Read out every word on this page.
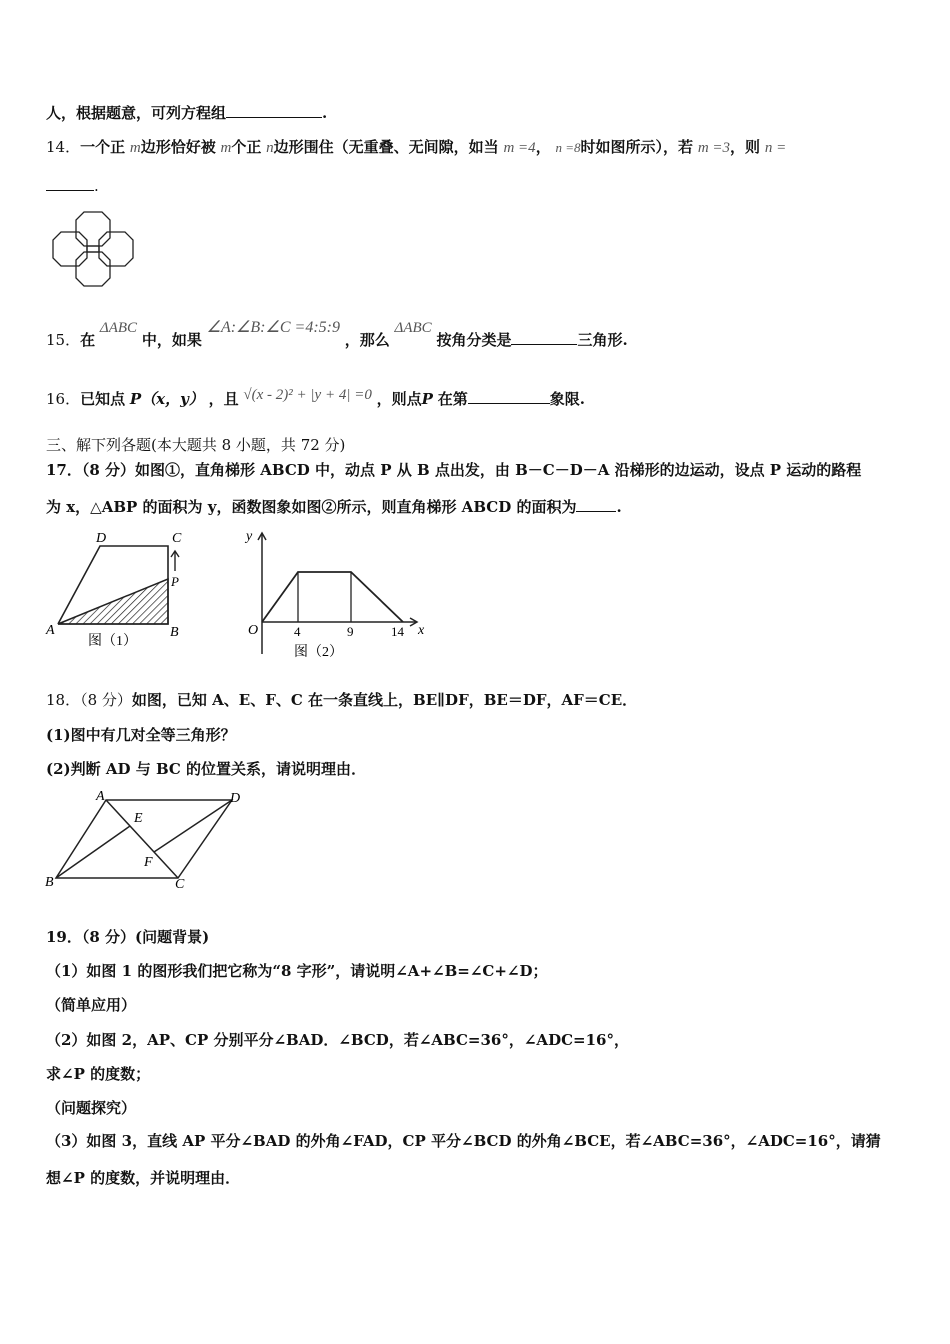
人，根据题意，可列方程组	.
14．一个正 m边形恰好被 m个正 n边形围住（无重叠、无间隙，如当 m =4， n =8时如图所示），若 m =3，则 n =
.
15．在 ΔABC 中，如果 ∠A:∠B:∠C =4:5:9 ，那么 ΔABC 按角分类是	三角形.
16．已知点 P（x，y） ，且 √(x - 2)² + |y + 4| =0 ，则点P 在第	象限.
三、解下列各题(本大题共 8 小题，共 72 分)
17．（8 分）如图①，直角梯形 ABCD 中，动点 P 从 B 点出发，由 B－C－D－A 沿梯形的边运动，设点 P 运动的路程
为 x，△ABP 的面积为 y，函数图象如图②所示，则直角梯形 ABCD 的面积为	.
A	B
C
D
P
图（1）
y
x
O	4	9	14
图（2）
18．（8 分）如图，已知 A、E、F、C 在一条直线上，BE∥DF，BE＝DF，AF＝CE．
(1)图中有几对全等三角形？
(2)判断 AD 与 BC 的位置关系，请说明理由．
A	D
B	C
E
F
19．（8 分）(问题背景)
（1）如图 1 的图形我们把它称为“8 字形”，请说明∠A+∠B=∠C+∠D；
（简单应用）
（2）如图 2，AP、CP 分别平分∠BAD．∠BCD，若∠ABC=36°，∠ADC=16°，
求∠P 的度数；
（问题探究）
（3）如图 3，直线 AP 平分∠BAD 的外角∠FAD，CP 平分∠BCD 的外角∠BCE，若∠ABC=36°，∠ADC=16°，请猜
想∠P 的度数，并说明理由．
